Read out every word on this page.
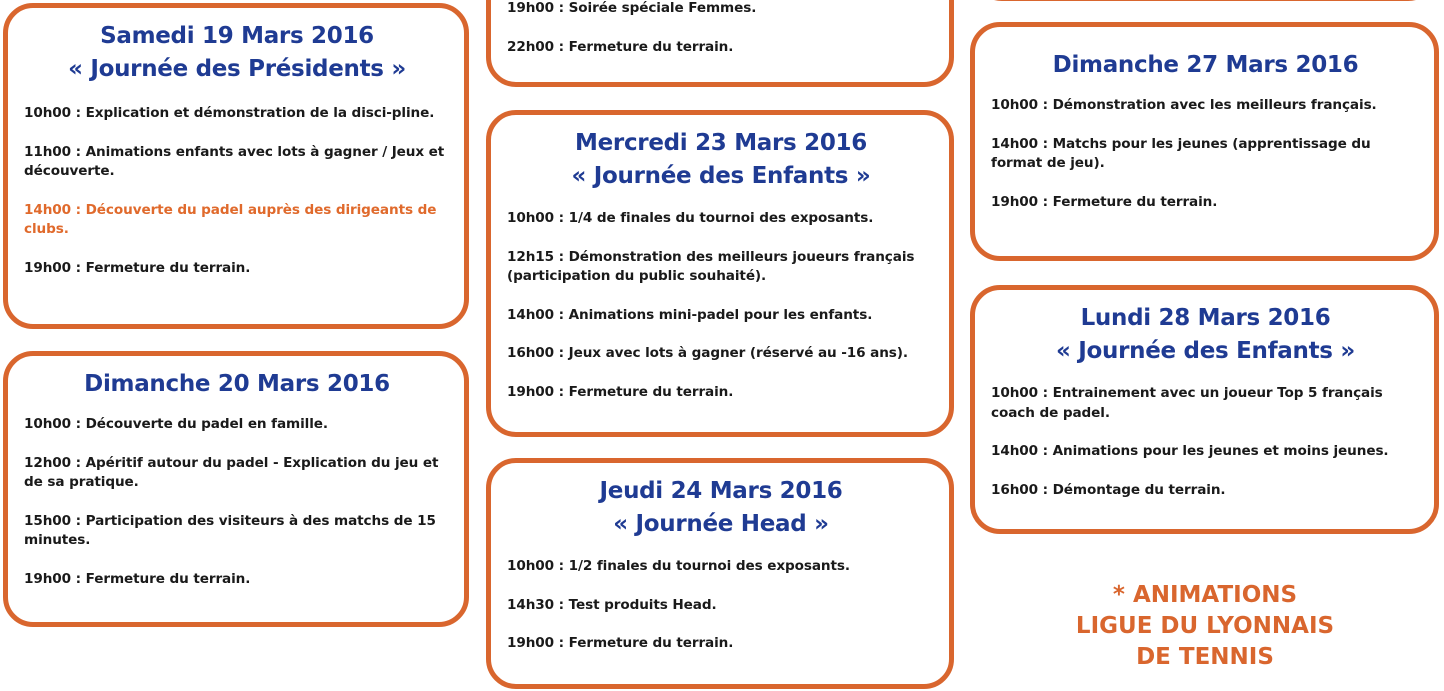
Samedi 19 Mars 2016
« Journée des Présidents »
10h00 : Explication et démonstration de la disci-pline.
11h00 : Animations enfants avec lots à gagner / Jeux et découverte.
14h00 : Découverte du padel auprès des dirigeants de clubs.
19h00 : Fermeture du terrain.
Dimanche 20 Mars 2016
10h00 : Découverte du padel en famille.
12h00 : Apéritif autour du padel - Explication du jeu et de sa pratique.
15h00 : Participation des visiteurs à des matchs de 15 minutes.
19h00 : Fermeture du terrain.
19h00 : Soirée spéciale Femmes.
22h00 : Fermeture du terrain.
Mercredi 23 Mars 2016
« Journée des Enfants »
10h00 : 1/4 de finales du tournoi des exposants.
12h15 : Démonstration des meilleurs joueurs français (participation du public souhaité).
14h00 : Animations mini-padel pour les enfants.
16h00 : Jeux avec lots à gagner (réservé au -16 ans).
19h00 : Fermeture du terrain.
Jeudi 24 Mars 2016
« Journée Head »
10h00 : 1/2 finales du tournoi des exposants.
14h30 : Test produits Head.
19h00 : Fermeture du terrain.
Dimanche 27 Mars 2016
10h00 : Démonstration avec les meilleurs français.
14h00 : Matchs pour les jeunes (apprentissage du format de jeu).
19h00 : Fermeture du terrain.
Lundi 28 Mars 2016
« Journée des Enfants »
10h00 : Entrainement avec un joueur Top 5 français coach de padel.
14h00 : Animations pour les jeunes et moins jeunes.
16h00 : Démontage du terrain.
* ANIMATIONS
LIGUE DU LYONNAIS
DE TENNIS
